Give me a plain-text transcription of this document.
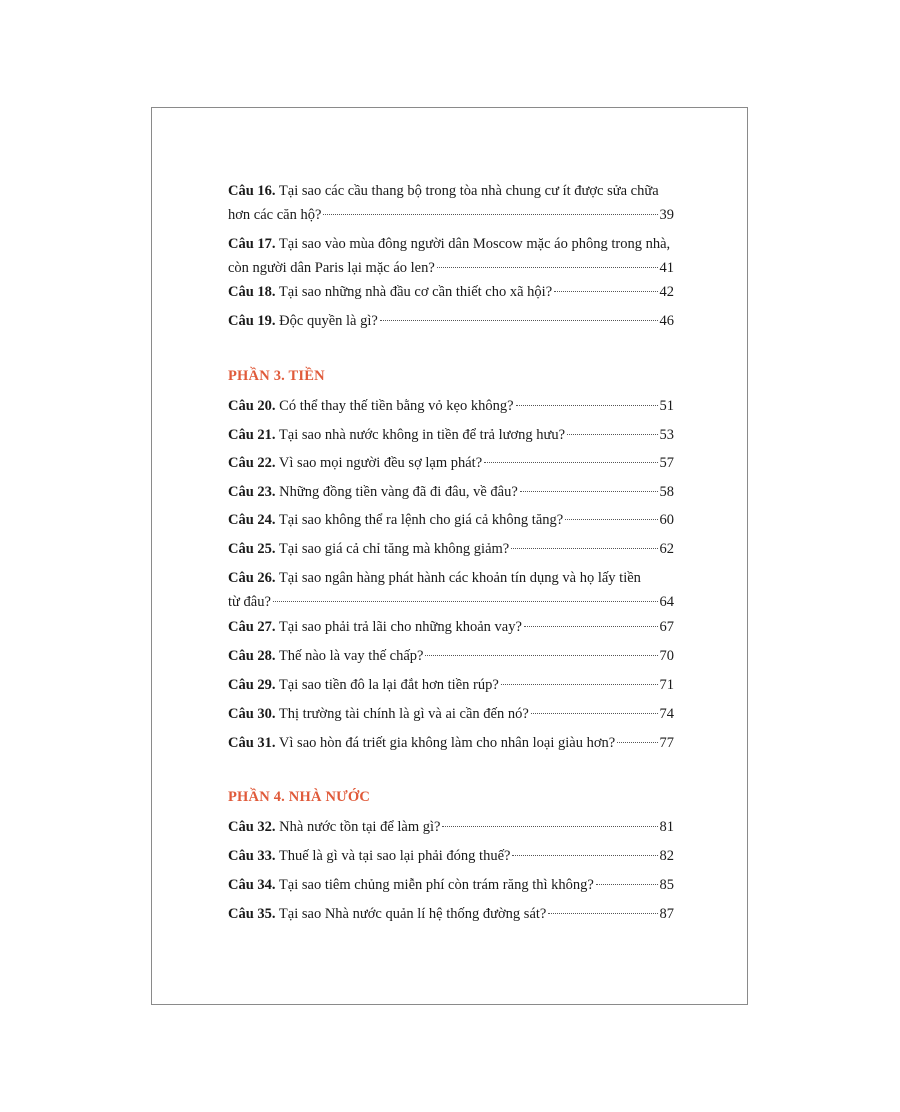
Câu 16. Tại sao các cầu thang bộ trong tòa nhà chung cư ít được sửa chữa
hơn các căn hộ?	39
Câu 17. Tại sao vào mùa đông người dân Moscow mặc áo phông trong nhà,
còn người dân Paris lại mặc áo len?	41
Câu 18. Tại sao những nhà đầu cơ cần thiết cho xã hội?	42
Câu 19. Độc quyền là gì?	46
PHẦN 3. TIỀN
Câu 20. Có thể thay thế tiền bằng vỏ kẹo không?	51
Câu 21. Tại sao nhà nước không in tiền để trả lương hưu?	53
Câu 22. Vì sao mọi người đều sợ lạm phát?	57
Câu 23. Những đồng tiền vàng đã đi đâu, về đâu?	58
Câu 24. Tại sao không thể ra lệnh cho giá cả không tăng?	60
Câu 25. Tại sao giá cả chỉ tăng mà không giảm?	62
Câu 26. Tại sao ngân hàng phát hành các khoản tín dụng và họ lấy tiền
từ đâu?	64
Câu 27. Tại sao phải trả lãi cho những khoản vay?	67
Câu 28. Thế nào là vay thế chấp?	70
Câu 29. Tại sao tiền đô la lại đắt hơn tiền rúp?	71
Câu 30. Thị trường tài chính là gì và ai cần đến nó?	74
Câu 31. Vì sao hòn đá triết gia không làm cho nhân loại giàu hơn?	77
PHẦN 4. NHÀ NƯỚC
Câu 32. Nhà nước tồn tại để làm gì?	81
Câu 33. Thuế là gì và tại sao lại phải đóng thuế?	82
Câu 34. Tại sao tiêm chủng miễn phí còn trám răng thì không?	85
Câu 35. Tại sao Nhà nước quản lí hệ thống đường sát?	87
